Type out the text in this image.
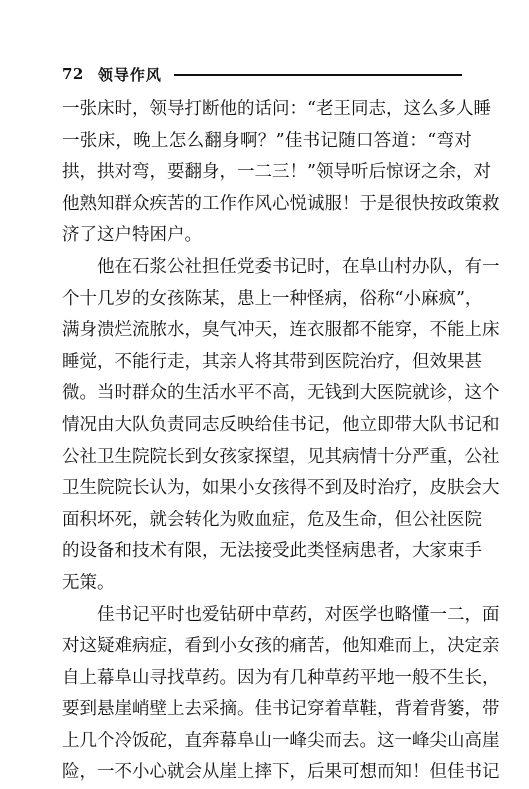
72 领导作风
一 张 床 时 ， 领 导 打 断 他 的 话 问 ： “ 老 王 同 志 ， 这 么 多 人 睡
一 张 床 ， 晚 上 怎 么 翻 身 啊 ？ ” 佳 书 记 随 口 答 道 ： “ 弯 对
拱 ， 拱 对 弯 ， 要 翻 身 ， 一 二 三 ！ ” 领 导 听 后 惊 讶 之 余 ， 对
他 熟 知 群 众 疾 苦 的 工 作 作 风 心 悦 诚 服 ！ 于 是 很 快 按 政 策 救
济了这户特困户。
他 在 石 浆 公 社 担 任 党 委 书 记 时 ， 在 阜 山 村 办 队 ， 有 一
个 十 几 岁 的 女 孩 陈 某 ， 患 上 一 种 怪 病 ， 俗 称 “ 小 麻 疯 ” ，
满 身 溃 烂 流 脓 水 ， 臭 气 冲 天 ， 连 衣 服 都 不 能 穿 ， 不 能 上 床
睡 觉 ， 不 能 行 走 ， 其 亲 人 将 其 带 到 医 院 治 疗 ， 但 效 果 甚
微 。 当 时 群 众 的 生 活 水 平 不 高 ， 无 钱 到 大 医 院 就 诊 ， 这 个
情 况 由 大 队 负 责 同 志 反 映 给 佳 书 记 ， 他 立 即 带 大 队 书 记 和
公 社 卫 生 院 院 长 到 女 孩 家 探 望 ， 见 其 病 情 十 分 严 重 ， 公 社
卫 生 院 院 长 认 为 ， 如 果 小 女 孩 得 不 到 及 时 治 疗 ， 皮 肤 会 大
面 积 坏 死 ， 就 会 转 化 为 败 血 症 ， 危 及 生 命 ， 但 公 社 医 院
的 设 备 和 技 术 有 限 ， 无 法 接 受 此 类 怪 病 患 者 ， 大 家 束 手
无策。
佳 书 记 平 时 也 爱 钻 研 中 草 药 ， 对 医 学 也 略 懂 一 二 ， 面
对 这 疑 难 病 症 ， 看 到 小 女 孩 的 痛 苦 ， 他 知 难 而 上 ， 决 定 亲
自 上 幕 阜 山 寻 找 草 药 。 因 为 有 几 种 草 药 平 地 一 般 不 生 长 ，
要 到 悬 崖 峭 壁 上 去 采 摘 。 佳 书 记 穿 着 草 鞋 ， 背 着 背 篓 ， 带
上 几 个 冷 饭 砣 ， 直 奔 幕 阜 山 一 峰 尖 而 去 。 这 一 峰 尖 山 高 崖
险，一不小心就会从崖上摔下，后果可想而知！但佳书记
